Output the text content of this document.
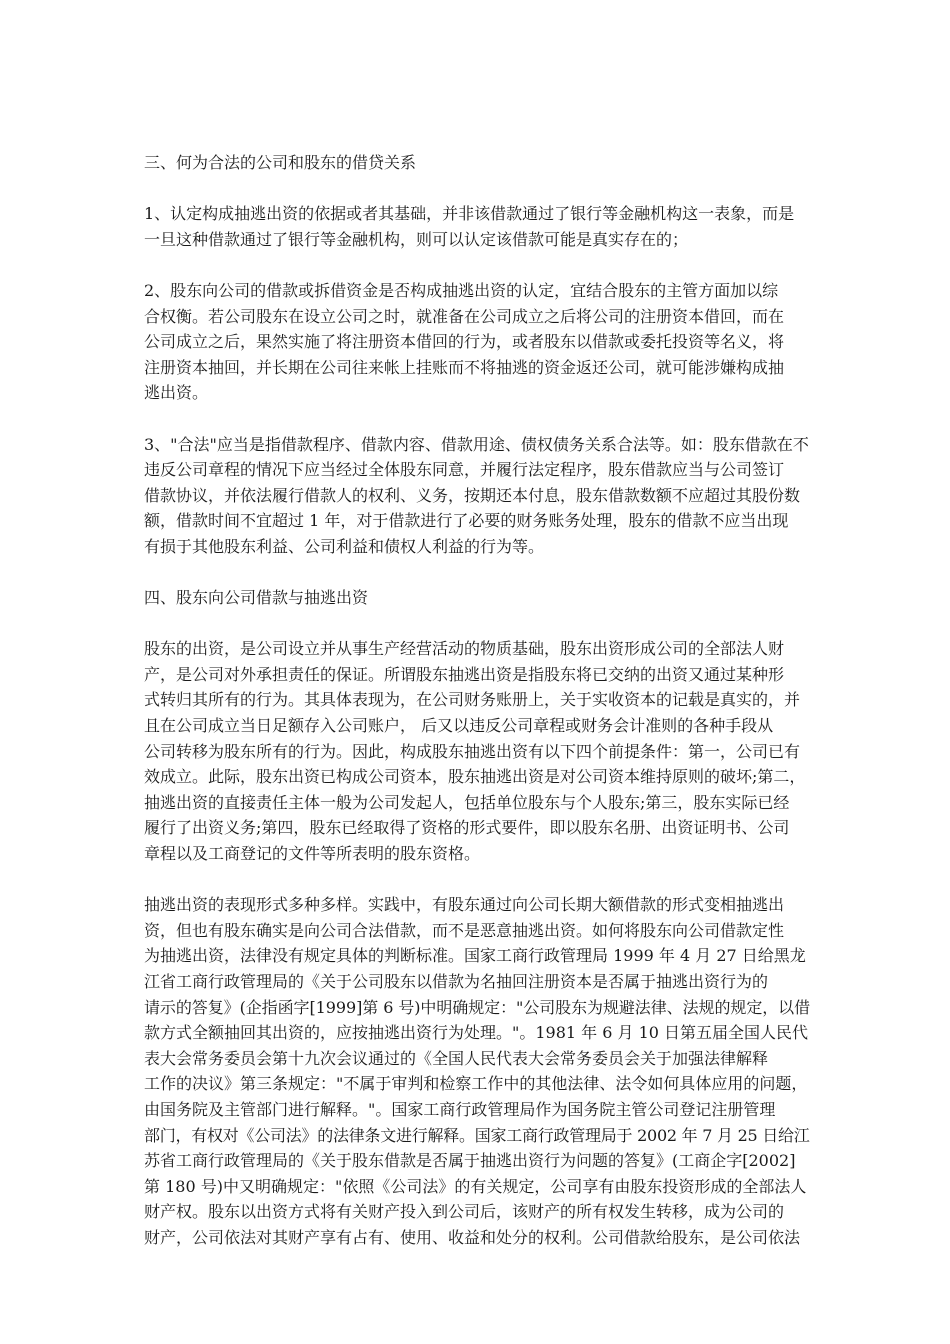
三、何为合法的公司和股东的借贷关系
1、认定构成抽逃出资的依据或者其基础，并非该借款通过了银行等金融机构这一表象，而是
一旦这种借款通过了银行等金融机构，则可以认定该借款可能是真实存在的；
2、股东向公司的借款或拆借资金是否构成抽逃出资的认定，宜结合股东的主管方面加以综
合权衡。若公司股东在设立公司之时，就准备在公司成立之后将公司的注册资本借回，而在
公司成立之后，果然实施了将注册资本借回的行为，或者股东以借款或委托投资等名义，将
注册资本抽回，并长期在公司往来帐上挂账而不将抽逃的资金返还公司，就可能涉嫌构成抽
逃出资。
3、"合法"应当是指借款程序、借款内容、借款用途、债权债务关系合法等。如：股东借款在不
违反公司章程的情况下应当经过全体股东同意，并履行法定程序，股东借款应当与公司签订
借款协议，并依法履行借款人的权利、义务，按期还本付息，股东借款数额不应超过其股份数
额，借款时间不宜超过 1 年，对于借款进行了必要的财务账务处理，股东的借款不应当出现
有损于其他股东利益、公司利益和债权人利益的行为等。
四、股东向公司借款与抽逃出资
股东的出资，是公司设立并从事生产经营活动的物质基础，股东出资形成公司的全部法人财
产，是公司对外承担责任的保证。所谓股东抽逃出资是指股东将已交纳的出资又通过某种形
式转归其所有的行为。其具体表现为，在公司财务账册上，关于实收资本的记载是真实的，并
且在公司成立当日足额存入公司账户， 后又以违反公司章程或财务会计准则的各种手段从
公司转移为股东所有的行为。因此，构成股东抽逃出资有以下四个前提条件：第一，公司已有
效成立。此际，股东出资已构成公司资本，股东抽逃出资是对公司资本维持原则的破坏;第二，
抽逃出资的直接责任主体一般为公司发起人，包括单位股东与个人股东;第三，股东实际已经
履行了出资义务;第四，股东已经取得了资格的形式要件，即以股东名册、出资证明书、公司
章程以及工商登记的文件等所表明的股东资格。
抽逃出资的表现形式多种多样。实践中，有股东通过向公司长期大额借款的形式变相抽逃出
资，但也有股东确实是向公司合法借款，而不是恶意抽逃出资。如何将股东向公司借款定性
为抽逃出资，法律没有规定具体的判断标准。国家工商行政管理局 1999 年 4 月 27 日给黑龙
江省工商行政管理局的《关于公司股东以借款为名抽回注册资本是否属于抽逃出资行为的
请示的答复》(企指函字[1999]第 6 号)中明确规定："公司股东为规避法律、法规的规定，以借
款方式全额抽回其出资的，应按抽逃出资行为处理。"。1981 年 6 月 10 日第五届全国人民代
表大会常务委员会第十九次会议通过的《全国人民代表大会常务委员会关于加强法律解释
工作的决议》第三条规定："不属于审判和检察工作中的其他法律、法令如何具体应用的问题，
由国务院及主管部门进行解释。"。国家工商行政管理局作为国务院主管公司登记注册管理
部门，有权对《公司法》的法律条文进行解释。国家工商行政管理局于 2002 年 7 月 25 日给江
苏省工商行政管理局的《关于股东借款是否属于抽逃出资行为问题的答复》(工商企字[2002]
第 180 号)中又明确规定："依照《公司法》的有关规定，公司享有由股东投资形成的全部法人
财产权。股东以出资方式将有关财产投入到公司后，该财产的所有权发生转移，成为公司的
财产，公司依法对其财产享有占有、使用、收益和处分的权利。公司借款给股东，是公司依法
